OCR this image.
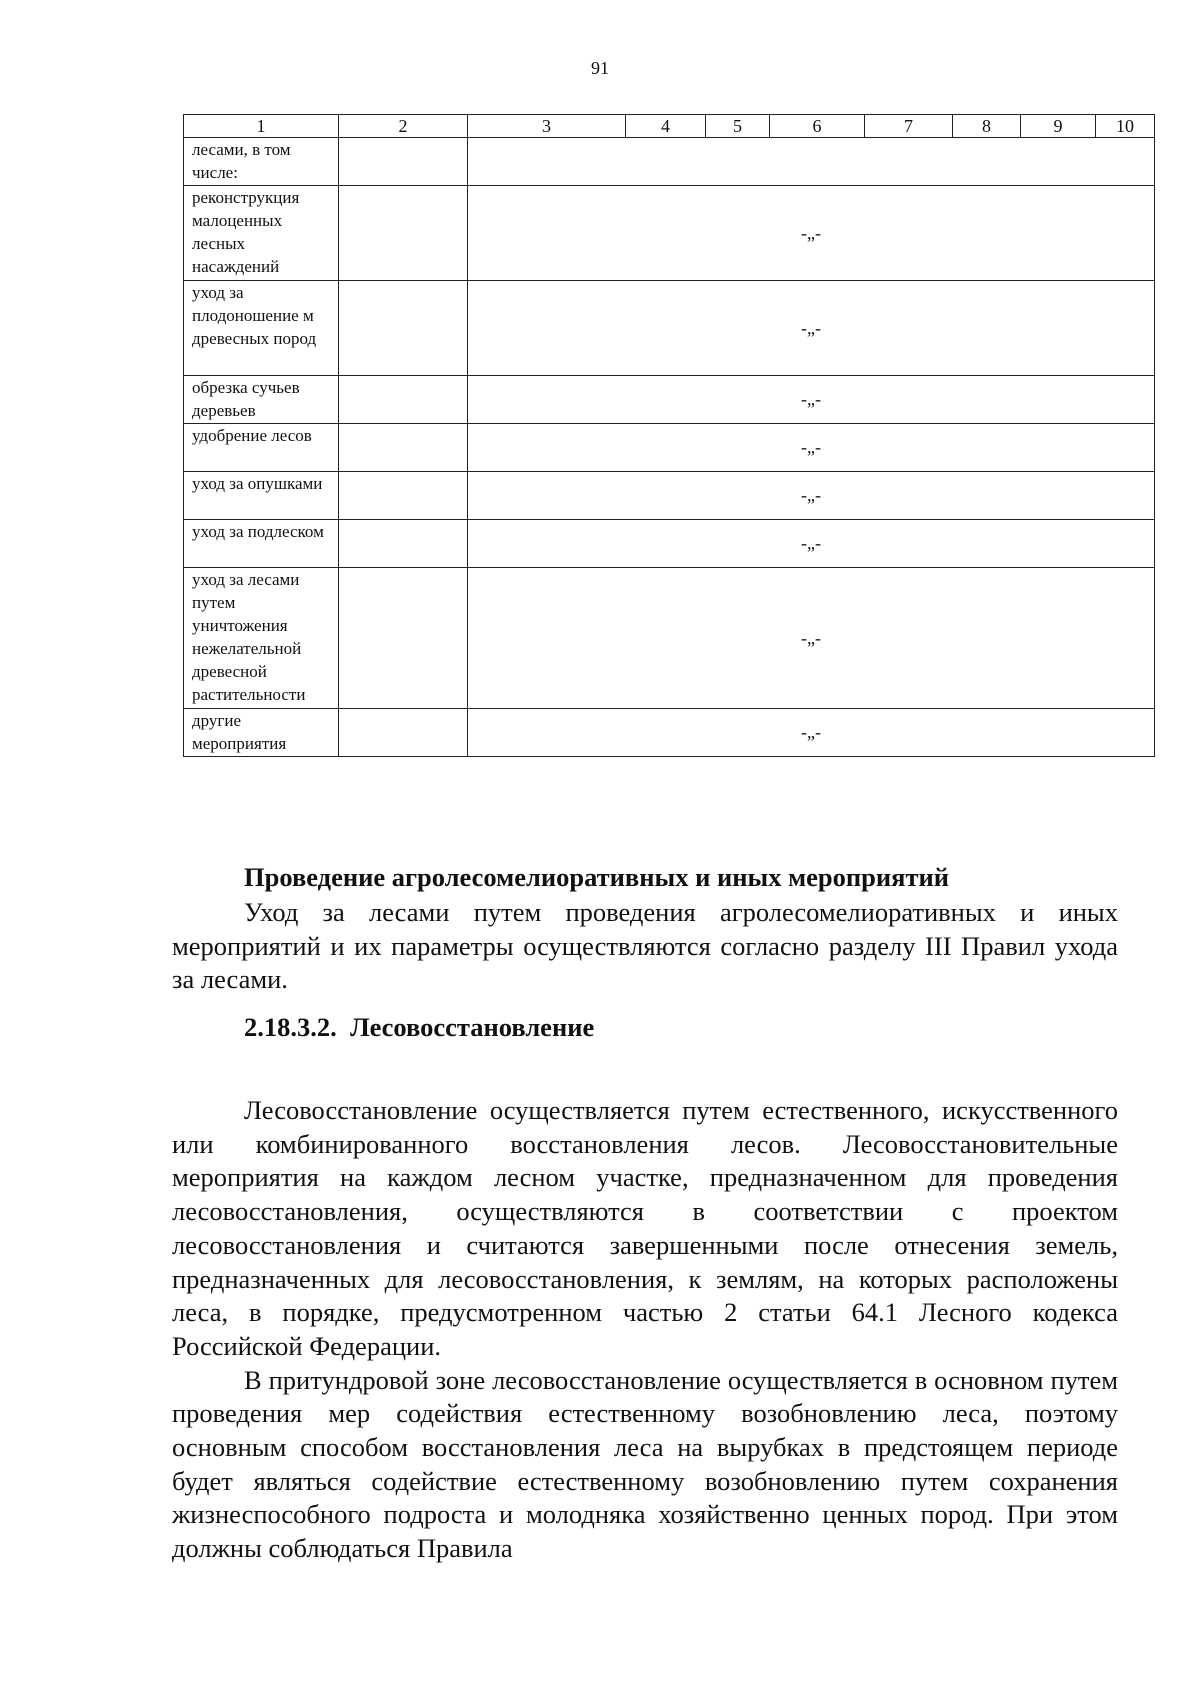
91
1	2	3	4	5	6	7	8	9	10
лесами, в том числе:									
реконструкция малоценных лесных насаждений		-„-							
уход за плодоношение м древесных пород		-„-							
обрезка сучьев деревьев		-„-							
удобрение лесов		-„-							
уход за опушками		-„-							
уход за подлеском		-„-							
уход за лесами путем уничтожения нежелательной древесной растительности		-„-							
другие мероприятия		-„-							
Проведение агролесомелиоративных и иных мероприятий

Уход за лесами путем проведения агролесомелиоративных и иных мероприятий и их параметры осуществляются согласно разделу III Правил ухода за лесами.

2.18.3.2.  Лесовосстановление

Лесовосстановление осуществляется путем естественного, искусственного или комбинированного восстановления лесов. Лесовосстановительные мероприятия на каждом лесном участке, предназначенном для проведения лесовосстановления, осуществляются в соответствии с проектом лесовосстановления и считаются завершенными после отнесения земель, предназначенных для лесовосстановления, к землям, на которых расположены леса, в порядке, предусмотренном частью 2 статьи 64.1 Лесного кодекса Российской Федерации.

В притундровой зоне лесовосстановление осуществляется в основном путем проведения мер содействия естественному возобновлению леса, поэтому основным способом восстановления леса на вырубках в предстоящем периоде будет являться содействие естественному возобновлению путем сохранения жизнеспособного подроста и молодняка хозяйственно ценных пород. При этом должны соблюдаться Правила
